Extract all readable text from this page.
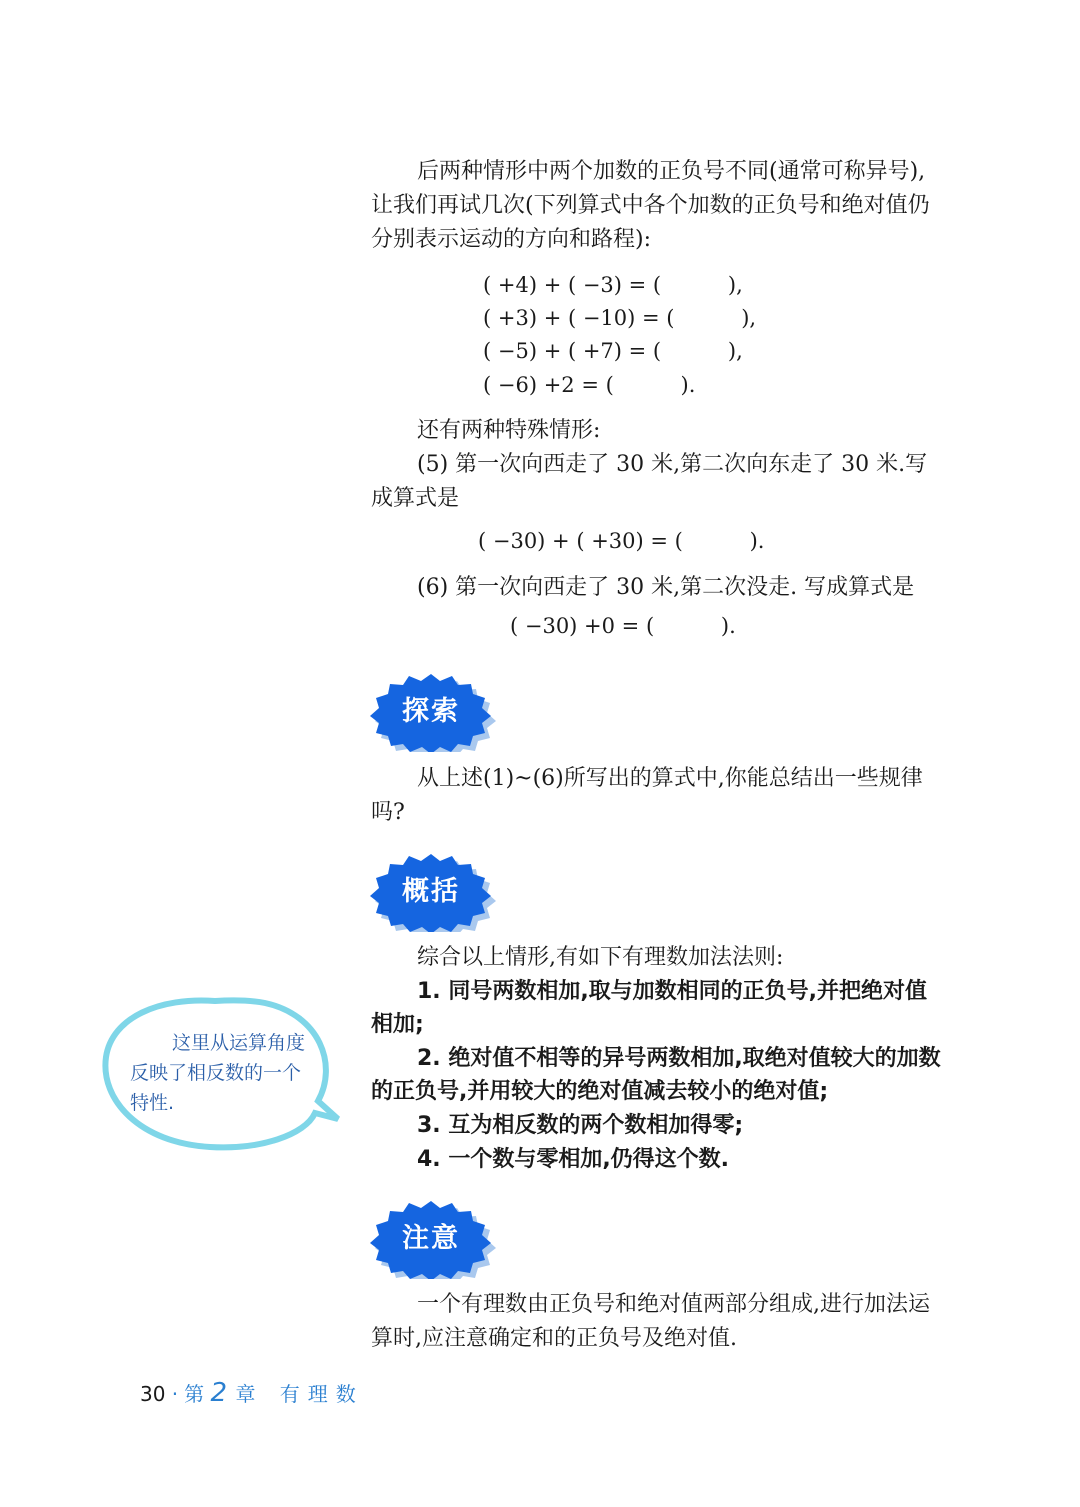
后两种情形中两个加数的正负号不同(通常可称异号),让我们再试几次(下列算式中各个加数的正负号和绝对值仍分别表示运动的方向和路程):

( +4) + ( −3) = (          ),
( +3) + ( −10) = (          ),
( −5) + ( +7) = (          ),
( −6) +2 = (          ).

还有两种特殊情形:

(5) 第一次向西走了 30 米,第二次向东走了 30 米.写成算式是

( −30) + ( +30) = (          ).

(6) 第一次向西走了 30 米,第二次没走. 写成算式是

( −30) +0 = (          ).
探索

从上述(1)~(6)所写出的算式中,你能总结出一些规律吗?

概括

综合以上情形,有如下有理数加法法则:

1. 同号两数相加,取与加数相同的正负号,并把绝对值相加;

2. 绝对值不相等的异号两数相加,取绝对值较大的加数的正负号,并用较大的绝对值减去较小的绝对值;

3. 互为相反数的两个数相加得零;

4. 一个数与零相加,仍得这个数.

这里从运算角度反映了相反数的一个特性.
注意

一个有理数由正负号和绝对值两部分组成,进行加法运算时,应注意确定和的正负号及绝对值.

30 · 第 2 章 有理数
